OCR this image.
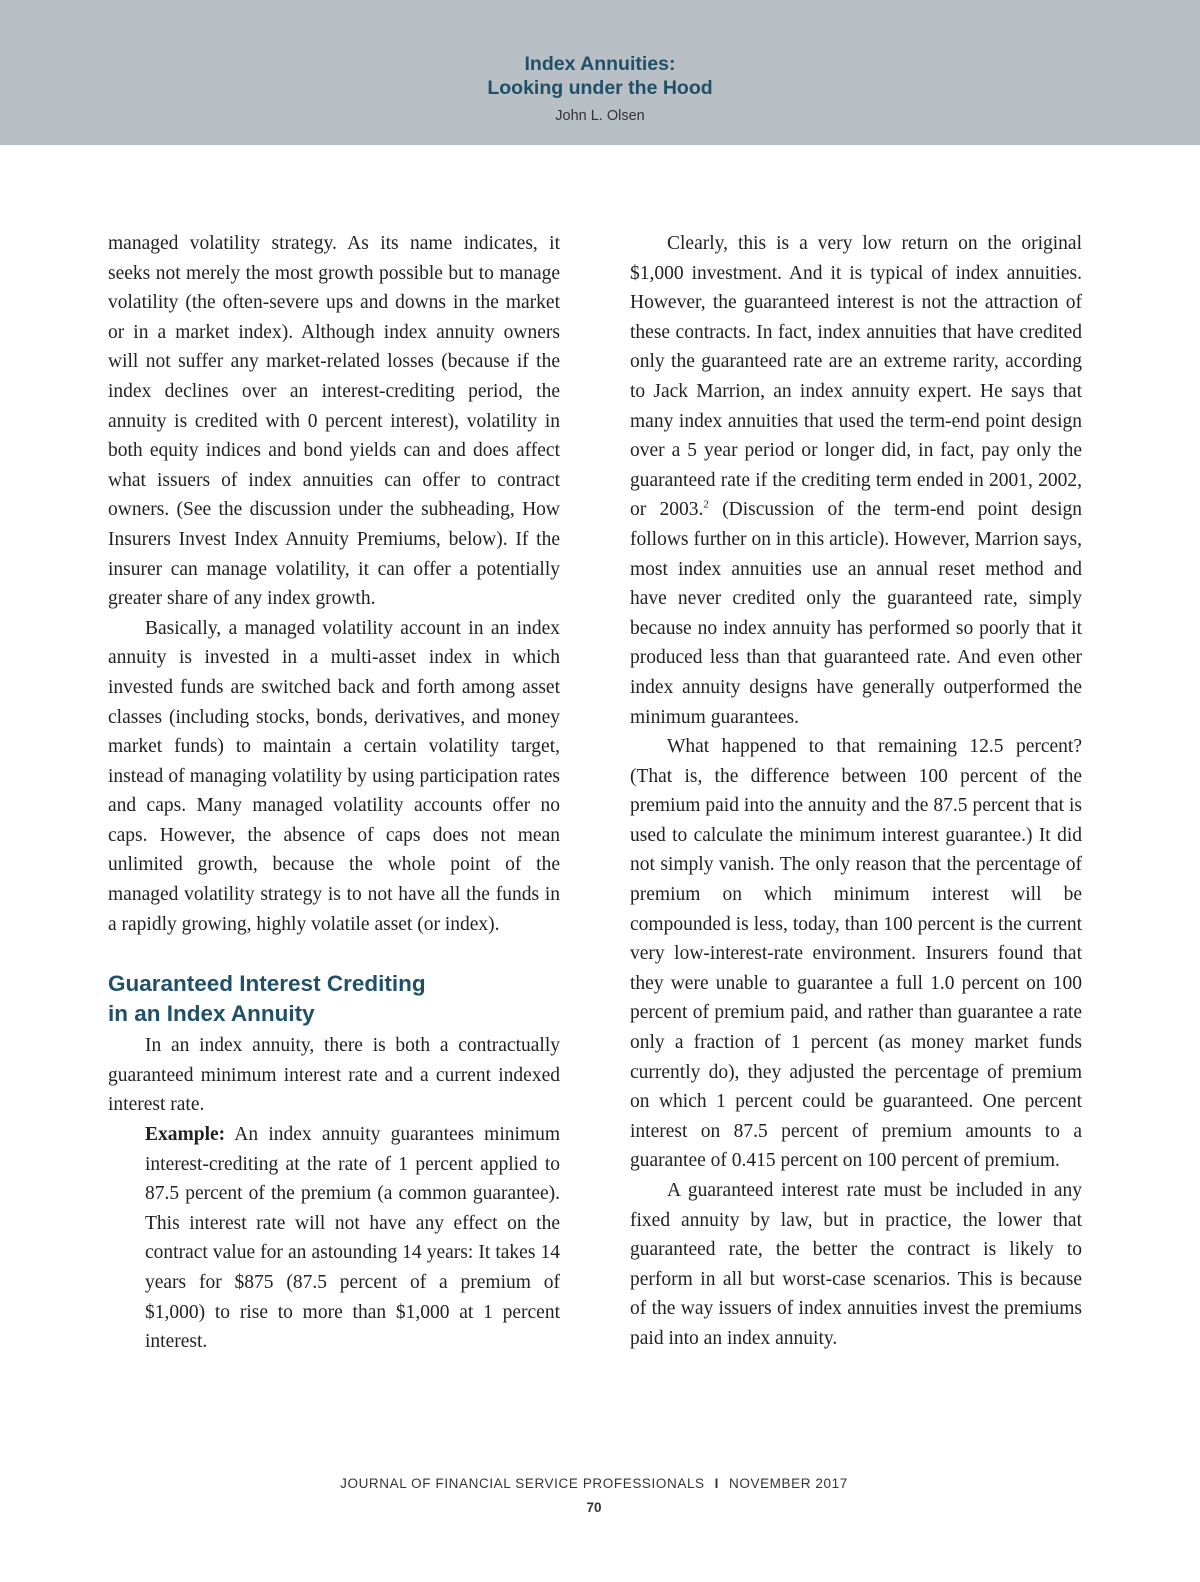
Index Annuities:
Looking under the Hood
John L. Olsen

managed volatility strategy. As its name indicates, it seeks not merely the most growth possible but to manage volatility (the often-severe ups and downs in the market or in a market index). Although index annuity owners will not suffer any market-related losses (because if the index declines over an interest-crediting period, the annuity is credited with 0 percent interest), volatility in both equity indices and bond yields can and does affect what issuers of index annuities can offer to contract owners. (See the discussion under the subheading, How Insurers Invest Index Annuity Premiums, below). If the insurer can manage volatility, it can offer a potentially greater share of any index growth.

Basically, a managed volatility account in an index annuity is invested in a multi-asset index in which invested funds are switched back and forth among asset classes (including stocks, bonds, derivatives, and money market funds) to maintain a certain volatility target, instead of managing volatility by using participation rates and caps. Many managed volatility accounts offer no caps. However, the absence of caps does not mean unlimited growth, because the whole point of the managed volatility strategy is to not have all the funds in a rapidly growing, highly volatile asset (or index).

Guaranteed Interest Crediting
in an Index Annuity

In an index annuity, there is both a contractually guaranteed minimum interest rate and a current indexed interest rate.

Example: An index annuity guarantees minimum interest-crediting at the rate of 1 percent applied to 87.5 percent of the premium (a common guarantee). This interest rate will not have any effect on the contract value for an astounding 14 years: It takes 14 years for $875 (87.5 percent of a premium of $1,000) to rise to more than $1,000 at 1 percent interest.

Clearly, this is a very low return on the original $1,000 investment. And it is typical of index annuities. However, the guaranteed interest is not the attraction of these contracts. In fact, index annuities that have credited only the guaranteed rate are an extreme rarity, according to Jack Marrion, an index annuity expert. He says that many index annuities that used the term-end point design over a 5 year period or longer did, in fact, pay only the guaranteed rate if the crediting term ended in 2001, 2002, or 2003.$^2$ (Discussion of the term-end point design follows further on in this article). However, Marrion says, most index annuities use an annual reset method and have never credited only the guaranteed rate, simply because no index annuity has performed so poorly that it produced less than that guaranteed rate. And even other index annuity designs have generally outperformed the minimum guarantees.

What happened to that remaining 12.5 percent? (That is, the difference between 100 percent of the premium paid into the annuity and the 87.5 percent that is used to calculate the minimum interest guarantee.) It did not simply vanish. The only reason that the percentage of premium on which minimum interest will be compounded is less, today, than 100 percent is the current very low-interest-rate environment. Insurers found that they were unable to guarantee a full 1.0 percent on 100 percent of premium paid, and rather than guarantee a rate only a fraction of 1 percent (as money market funds currently do), they adjusted the percentage of premium on which 1 percent could be guaranteed. One percent interest on 87.5 percent of premium amounts to a guarantee of 0.415 percent on 100 percent of premium.

A guaranteed interest rate must be included in any fixed annuity by law, but in practice, the lower that guaranteed rate, the better the contract is likely to perform in all but worst-case scenarios. This is because of the way issuers of index annuities invest the premiums paid into an index annuity.

JOURNAL OF FINANCIAL SERVICE PROFESSIONALS I NOVEMBER 2017
70
